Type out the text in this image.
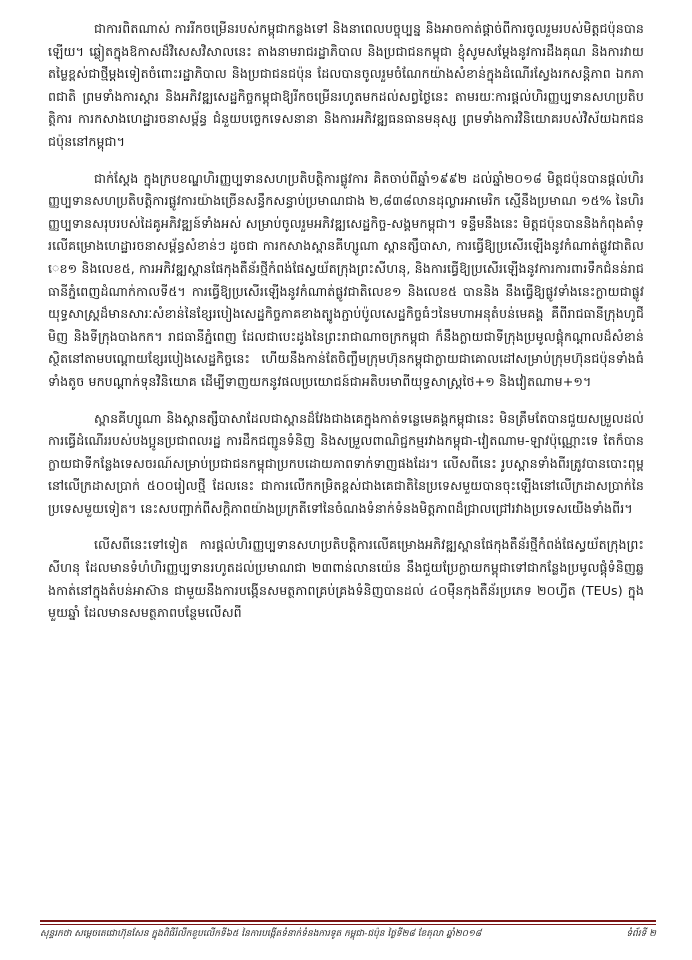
ជាការពិតណាស់ ការរីកចម្រើនរបស់កម្ពុជាកន្លងទៅ និងនាពេលបច្ចុប្បន្ន និងអាចកាត់ផ្តាច់ពីការចូលរួមរបស់មិត្តជប៉ុនបានឡើយ។ ឆ្លៀតក្នុងឱកាសដ៏វិសេសវិសាលនេះ តាងនាមរាជរដ្ឋាភិបាល និងប្រជាជនកម្ពុជា ខ្ញុំសូមសម្តែងនូវការដឹងគុណ និងការវាយតម្លៃខ្ពស់ជាថ្មីម្តងទៀតចំពោះរដ្ឋាភិបាល និងប្រជាជនជប៉ុន ដែលបានចូលរួមចំណែកយ៉ាងសំខាន់ក្នុងដំណើរស្វែងរកសន្តិភាព ឯកភាពជាតិ ព្រមទាំងការស្តារ និងអភិវឌ្ឍសេដ្ឋកិច្ចកម្ពុជាឱ្យរីកចម្រើនរហូតមកដល់សព្វថ្ងៃនេះ តាមរយៈការផ្តល់ហិរញ្ញប្បទានសហប្រតិបត្តិការ ការកសាងហេដ្ឋារចនាសម្ព័ន្ធ ជំនួយបច្ចេកទេសនានា និងការអភិវឌ្ឍធនធានមនុស្ស ព្រមទាំងការវិនិយោគរបស់វិស័យឯកជនជប៉ុននៅកម្ពុជា។

ជាក់ស្តែង ក្នុងក្របខណ្ឌហិរញ្ញប្បទានសហប្រតិបត្តិការផ្លូវការ គិតចាប់ពីឆ្នាំ១៩៩២ ដល់ឆ្នាំ២០១៨ មិត្តជប៉ុនបានផ្តល់ហិរញ្ញប្បទានសហប្រតិបត្តិការផ្លូវការយ៉ាងច្រើនសន្ធឹកសន្ធាប់ប្រមាណជាង ២,៨៣៨លានដុល្លារអាមេរិក ស្មើនឹងប្រមាណ ១៥% នៃហិរញ្ញប្បទានសរុបរបស់ដៃគូអភិវឌ្ឍន៍ទាំងអស់ សម្រាប់ចូលរួមអភិវឌ្ឍសេដ្ឋកិច្ច-សង្គមកម្ពុជា។ ទន្ទឹមនឹងនេះ មិត្តជប៉ុនបាននិងកំពុងគាំទ្រលើគម្រោងហេដ្ឋារចនាសម្ព័ន្ធសំខាន់ៗ ដូចជា ការកសាងស្ពានគីហ្សូណា ស្ពានត្សឹបាសា, ការធ្វើឱ្យប្រសើរឡើងនូវកំណាត់ផ្លូវជាតិលេខ១ និងលេខ៥, ការអភិវឌ្ឍស្ពានផែកុងតឺន័រថ្មីកំពង់ផែស្វយ័តក្រុងព្រះសីហនុ, និងការធ្វើឱ្យប្រសើរឡើងនូវការការពារទឹកជំនន់រាជធានីភ្នំពេញដំណាក់កាលទី៥។ ការធ្វើឱ្យប្រសើរឡើងនូវកំណាត់ផ្លូវជាតិលេខ១ និងលេខ៥ បាននិង នឹងធ្វើឱ្យផ្លូវទាំងនេះក្លាយជាផ្លូវយុទ្ធសាស្ត្រដ៏មានសារៈសំខាន់នៃខ្សែរបៀងសេដ្ឋកិច្ចភាគខាងត្បូងភ្ជាប់ប៉ូលសេដ្ឋកិច្ចធំៗនៃមហាអនុតំបន់មេគង្គ គឺពីរាជធានីក្រុងហូជីមិញ និងទីក្រុងបាងកក។ រាជធានីភ្នំពេញ ដែលជាបេះដូងនៃព្រះរាជាណាចក្រកម្ពុជា ក៏នឹងក្លាយជាទីក្រុងប្រមូលផ្តុំកណ្តាលដ៏សំខាន់ស្ថិតនៅតាមបណ្តោយខ្សែរបៀងសេដ្ឋកិច្ចនេះ ហើយនឹងកាន់តែចិញ្ចឹមក្រុមហ៊ុនកម្ពុជាក្លាយជាគោលដៅសម្រាប់ក្រុមហ៊ុនជប៉ុនទាំងធំ ទាំងតូច មកបណ្តាក់ទុនវិនិយោគ ដើម្បីទាញយកនូវផលប្រយោជន៍ជាអតិបរមាពីយុទ្ធសាស្ត្រថៃ+១ និងវៀតណាម+១។

ស្ពានគីហ្សូណា និងស្ពានត្សឹបាសាដែលជាស្ពានដ៏វែងជាងគេក្នុងកាត់ទន្លេមេគង្គកម្ពុជានេះ មិនត្រឹមតែបានជួយសម្រួលដល់ការធ្វើដំណើររបស់បងប្អូនប្រជាពលរដ្ឋ ការដឹកជញ្ជូនទំនិញ និងសម្រួលពាណិជ្ជកម្មរវាងកម្ពុជា-វៀតណាម-ឡាវប៉ុណ្ណោះទេ តែក៏បានក្លាយជាទីកន្លែងទេសចរណ៍សម្រាប់ប្រជាជនកម្ពុជាប្រកបដោយភាពទាក់ទាញផងដែរ។ លើសពីនេះ រូបស្ពានទាំងពីរត្រូវបានបោះពុម្ពនៅលើក្រដាសប្រាក់ ៥០០រៀលថ្មី ដែលនេះ ជាការលើកកម្រិតខ្ពស់ជាងគេជាតិនៃប្រទេសមួយបានចុះឡើងនៅលើក្រដាសប្រាក់នៃប្រទេសមួយទៀត។ នេះសបញ្ជាក់ពីសក្តិភាពយ៉ាងប្រក្រតីទៅនៃចំណងទំនាក់ទំនងមិត្តភាពដ៏ជ្រាលជ្រៅរវាងប្រទេសយើងទាំងពីរ។

លើសពីនេះទៅទៀត ការផ្តល់ហិរញ្ញប្បទានសហប្រតិបត្តិការលើគម្រោងអភិវឌ្ឍស្ពានផែកុងតឺន័រថ្មីកំពង់ផែស្វយ័តក្រុងព្រះសីហនុ ដែលមានទំហំហិរញ្ញប្បទានរហូតដល់ប្រមាណជា ២៣ពាន់លានយ៉េន នឹងជួយប្រែក្លាយកម្ពុជាទៅជាកន្លែងប្រមូលផ្តុំទំនិញឆ្លងកាត់នៅក្នុងតំបន់អាស៊ាន ជាមួយនឹងការបង្កើនសមត្ថភាពគ្រប់គ្រងទំនិញបានដល់ ៤០ម៉ឺនកុងតឺន័រប្រភេទ ២០ហ្វីត (TEUs) ក្នុងមួយឆ្នាំ ដែលមានសមត្ថភាពបន្ថែមលើសពី

សុន្ទរកថា សម្តេចតេជោហ៊ុនសែន ក្នុងពិធីរំលឹកខួបលើកទី៦៥ នៃការបង្កើតទំនាក់ទំនងការទូត កម្ពុជា-ជប៉ុន ថ្ងៃទី២៨ ខែតុលា ឆ្នាំ២០១៨	ទំព័រទី ២
